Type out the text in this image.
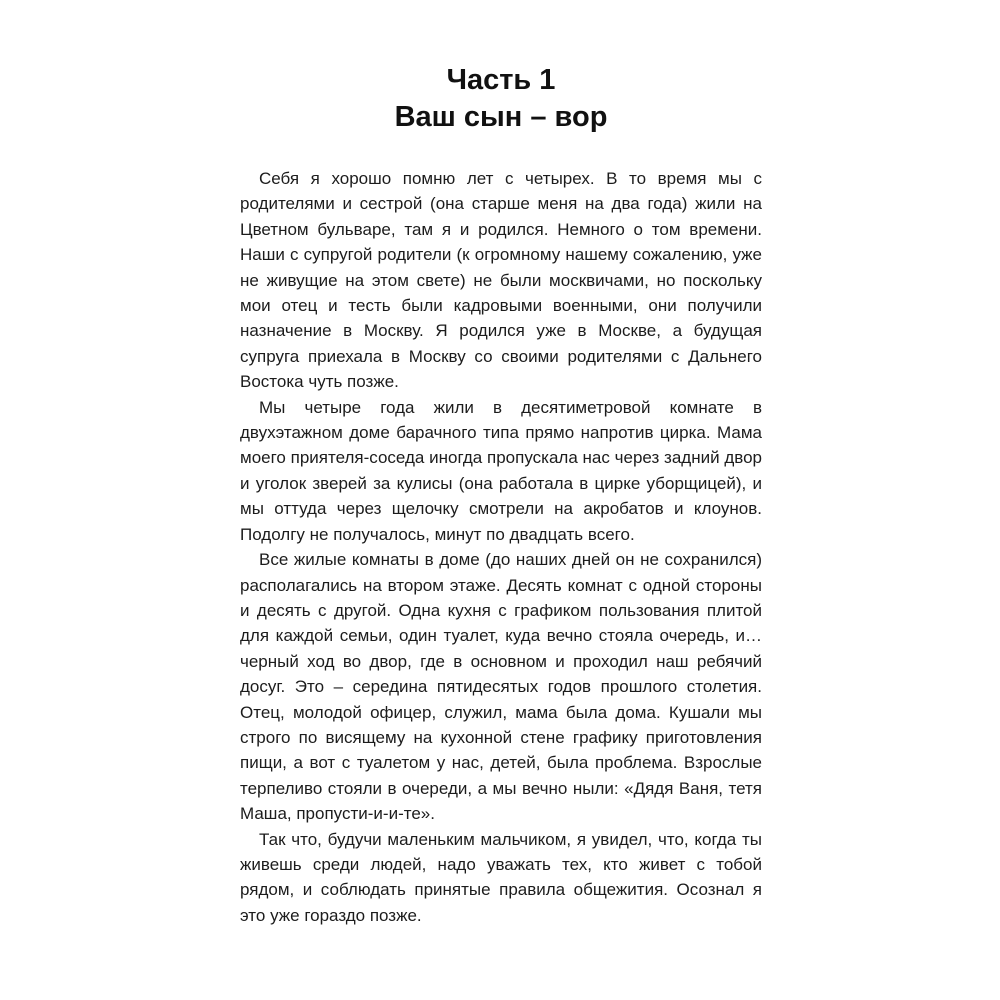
Часть 1
Ваш сын – вор

Себя я хорошо помню лет с четырех. В то время мы с родителями и сестрой (она старше меня на два года) жили на Цветном бульваре, там я и родился. Немного о том времени. Наши с супругой родители (к огромному нашему сожалению, уже не живущие на этом свете) не были москвичами, но поскольку мои отец и тесть были кадровыми военными, они получили назначение в Москву. Я родился уже в Москве, а будущая супруга приехала в Москву со своими родителями с Дальнего Востока чуть позже.

Мы четыре года жили в десятиметровой комнате в двухэтажном доме барачного типа прямо напротив цирка. Мама моего приятеля-соседа иногда пропускала нас через задний двор и уголок зверей за кулисы (она работала в цирке уборщицей), и мы оттуда через щелочку смотрели на акробатов и клоунов. Подолгу не получалось, минут по двадцать всего.

Все жилые комнаты в доме (до наших дней он не сохранился) располагались на втором этаже. Десять комнат с одной стороны и десять с другой. Одна кухня с графиком пользования плитой для каждой семьи, один туалет, куда вечно стояла очередь, и… черный ход во двор, где в основном и проходил наш ребячий досуг. Это – середина пятидесятых годов прошлого столетия. Отец, молодой офицер, служил, мама была дома. Кушали мы строго по висящему на кухонной стене графику приготовления пищи, а вот с туалетом у нас, детей, была проблема. Взрослые терпеливо стояли в очереди, а мы вечно ныли: «Дядя Ваня, тетя Маша, пропусти-и-и-те».

Так что, будучи маленьким мальчиком, я увидел, что, когда ты живешь среди людей, надо уважать тех, кто живет с тобой рядом, и соблюдать принятые правила общежития. Осознал я это уже гораздо позже.
